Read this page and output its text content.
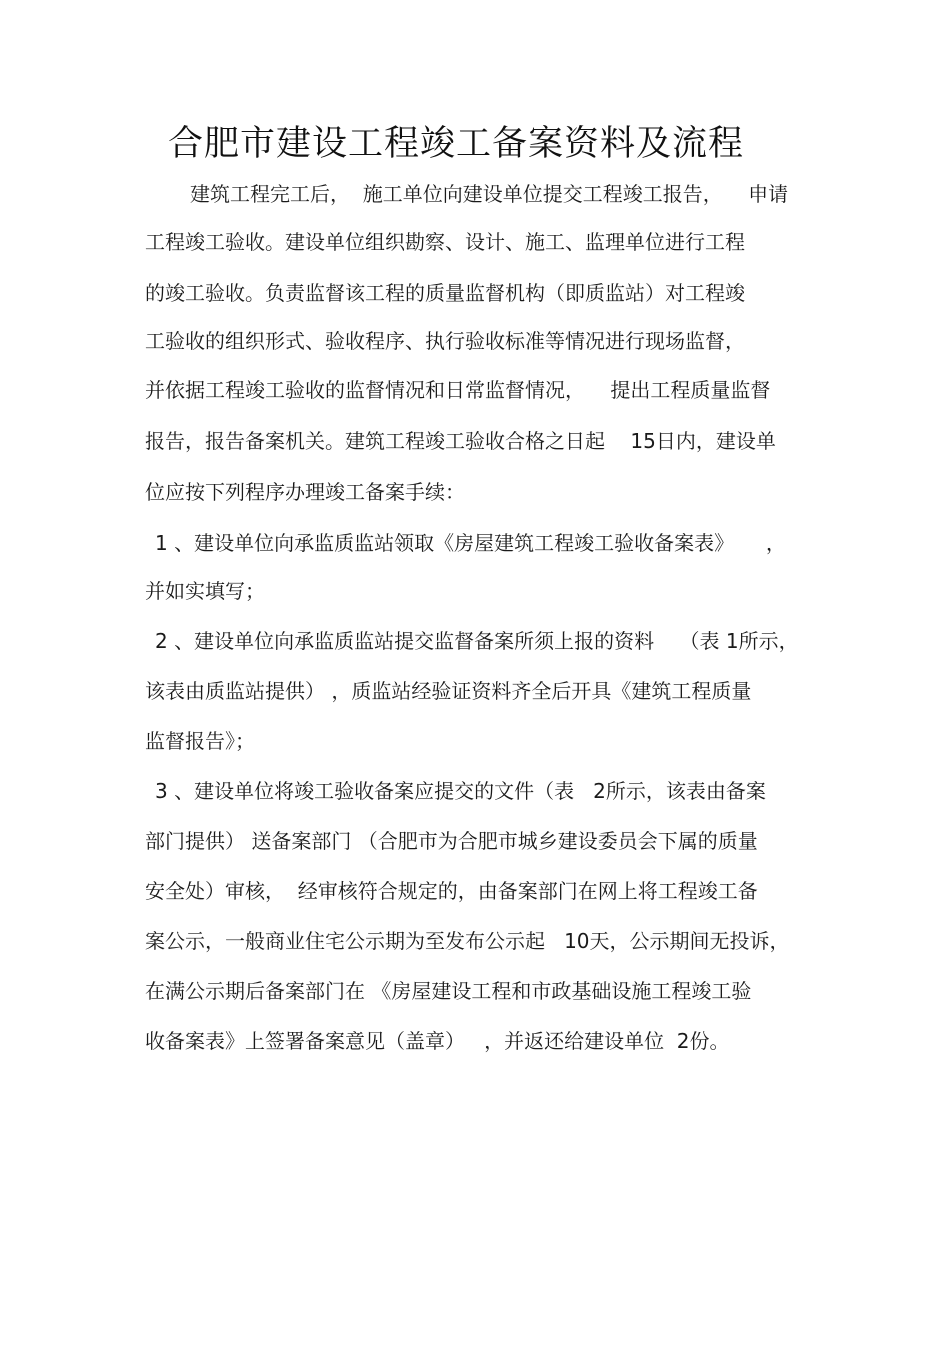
合肥市建设工程竣工备案资料及流程
建筑工程完工后，  施工单位向建设单位提交工程竣工报告，    申请
工程竣工验收。建设单位组织勘察、设计、施工、监理单位进行工程
的竣工验收。负责监督该工程的质量监督机构（即质监站）对工程竣
工验收的组织形式、验收程序、执行验收标准等情况进行现场监督，
并依据工程竣工验收的监督情况和日常监督情况，    提出工程质量监督
报告，报告备案机关。建筑工程竣工验收合格之日起    15日内，建设单
位应按下列程序办理竣工备案手续：
1 、建设单位向承监质监站领取《房屋建筑工程竣工验收备案表》     ，
并如实填写；
2 、建设单位向承监质监站提交监督备案所须上报的资料    （表 1所示，
该表由质监站提供） ，质监站经验证资料齐全后开具《建筑工程质量
监督报告》；
3 、建设单位将竣工验收备案应提交的文件（表   2所示，该表由备案
部门提供） 送备案部门 （合肥市为合肥市城乡建设委员会下属的质量
安全处）审核，  经审核符合规定的，由备案部门在网上将工程竣工备
案公示，一般商业住宅公示期为至发布公示起   10天，公示期间无投诉，
在满公示期后备案部门在 《房屋建设工程和市政基础设施工程竣工验
收备案表》上签署备案意见（盖章）   ，并返还给建设单位  2份。
